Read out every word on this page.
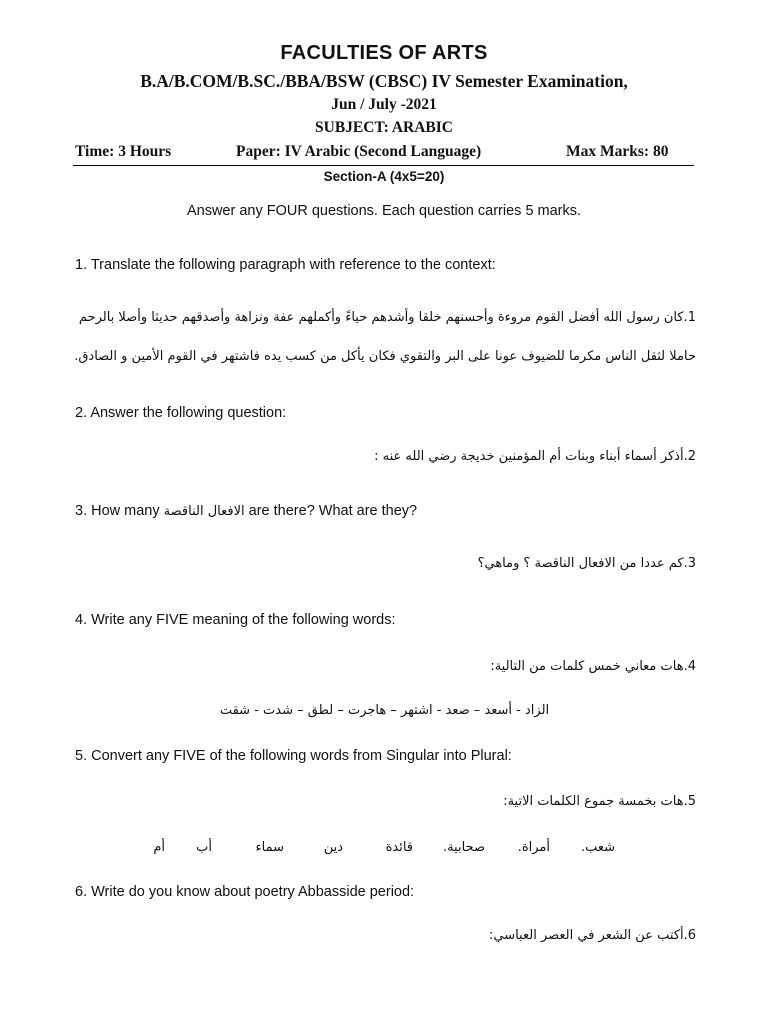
FACULTIES OF ARTS
B.A/B.COM/B.SC./BBA/BSW (CBSC) IV Semester Examination,
Jun / July -2021
SUBJECT: ARABIC
Time: 3 Hours	Paper: IV Arabic (Second Language)	Max Marks: 80
Section-A (4x5=20)
Answer any FOUR questions. Each question carries 5 marks.
1. Translate the following paragraph with reference to the context:
1.كان رسول الله أفضل القوم مروءة وأحسنهم خلقا وأشدهم حياءً وأكملهم عفة ونزاهة وأصدقهم حديثا وأصلا بالرحم
حاملا لثقل الناس مكرما للضيوف عونا على البر والتقوي فكان يأكل من كسب يده فاشتهر في القوم الأمين و الصادق.
2. Answer the following question:
2.أذكر أسماء أبناء وبنات أم المؤمنين خديجة رضي الله عنه :
3. How many الافعال الناقصة are there? What are they?
3.كم عددا من الافعال الناقصة ؟ وماهي؟
4. Write any FIVE meaning of the following words:
4.هات معاني خمس كلمات من التالية:
الزاد - أسعد – صعد - اشتهر – هاجرت – لطق – شدت - شقت
5. Convert any FIVE of the following words from Singular into Plural:
5.هات بخمسة جموع الكلمات الاتية:
شعب.
أمراة.
صحابية.
قائدة
دين
سماء
أب
أم
6. Write do you know about poetry Abbasside period:
6.أكتب عن الشعر في العصر العباسي:
